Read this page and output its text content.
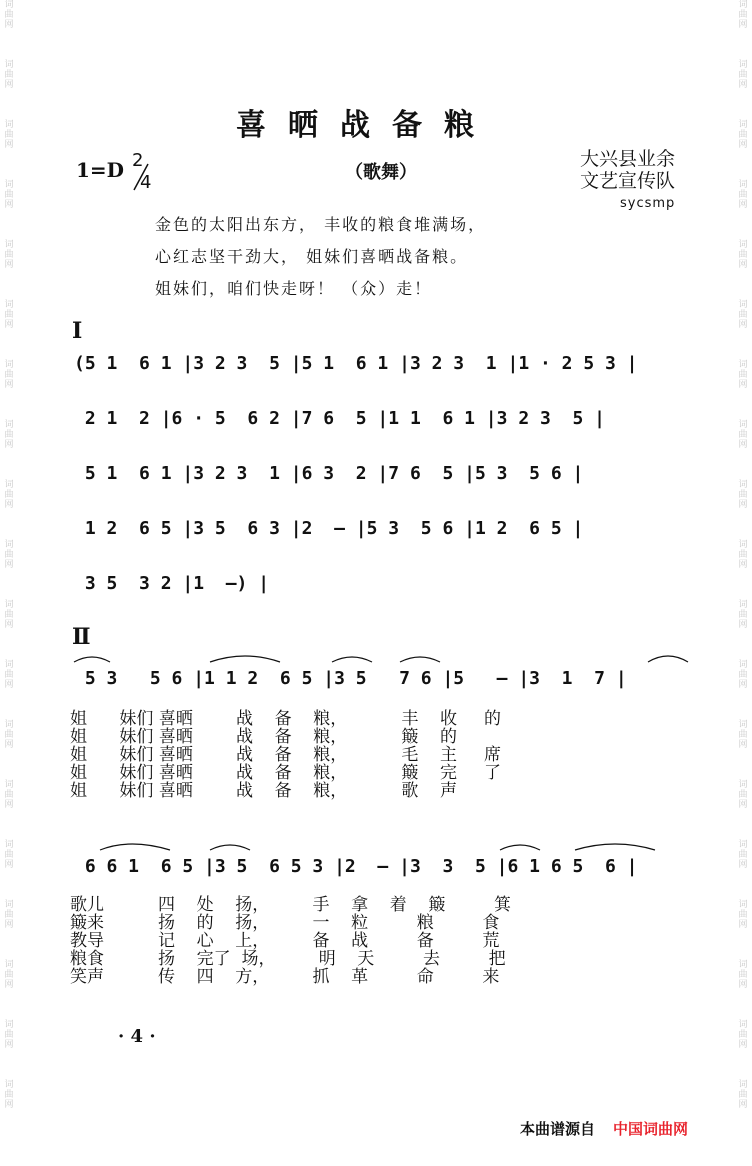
词
曲
网
词
曲
网
词
曲
网
词
曲
网
词
曲
网
词
曲
网
词
曲
网
词
曲
网
词
曲
网
词
曲
网
词
曲
网
词
曲
网
词
曲
网
词
曲
网
词
曲
网
词
曲
网
词
曲
网
词
曲
网
词
曲
网
词
曲
网
词
曲
网
词
曲
网
词
曲
网
词
曲
网
词
曲
网
词
曲
网
词
曲
网
词
曲
网
词
曲
网
词
曲
网
词
曲
网
词
曲
网
词
曲
网
词
曲
网
词
曲
网
词
曲
网
词
曲
网
词
曲
网
喜晒战备粮
1=D 2
4	（歌舞）
大兴县业余
文艺宣传队
sycsmp
金色的太阳出东方， 丰收的粮食堆满场，
心红志坚干劲大， 姐妹们喜晒战备粮。
姐妹们，咱们快走呀！ （众）走！
I
(5 1  6 1 |3 2 3  5 |5 1  6 1 |3 2 3  1 |1 · 2 5 3 |
2 1  2 |6 · 5  6 2 |7 6  5 |1 1  6 1 |3 2 3  5 |
5 1  6 1 |3 2 3  1 |6 3  2 |7 6  5 |5 3  5 6 |
1 2  6 5 |3 5  6 3 |2  — |5 3  5 6 |1 2  6 5 |
3 5  3 2 |1  —) |
Ⅱ
5 3   5 6 |1 1 2  6 5 |3 5   7 6 |5   — |3  1  7 |
姐      妹们 喜晒        战    备    粮，          丰    收     的
姐      妹们 喜晒        战    备    粮，          簸    的
姐      妹们 喜晒        战    备    粮，          毛    主     席
姐      妹们 喜晒        战    备    粮，          簸    完     了
姐      妹们 喜晒        战    备    粮，          歌    声
6 6 1  6 5 |3 5  6 5 3 |2  — |3  3  5 |6 1 6 5  6 |
歌儿          四    处    扬，        手    拿    着    簸         箕
簸来          扬    的    扬，        一    粒         粮         食
教导          记    心    上，        备    战         备         荒
粮食          扬    完了  场，        明    天         去         把
笑声          传    四    方，        抓    革         命         来
· 4 ·
本曲谱源自 中国词曲网
